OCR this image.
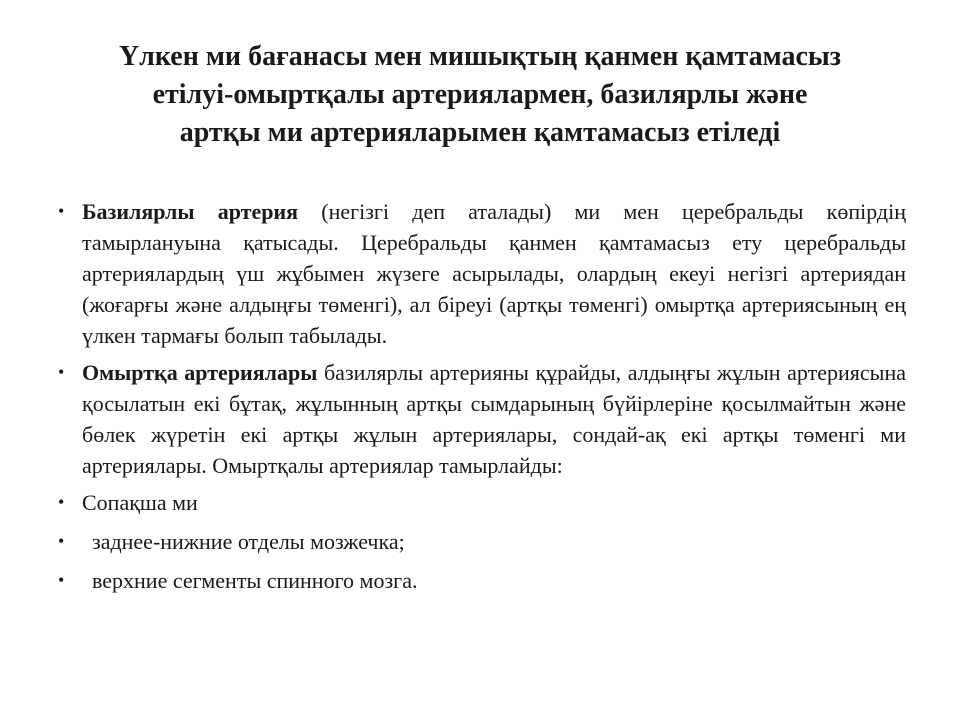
Үлкен ми бағанасы мен мишықтың қанмен қамтамасыз
етілуі-омыртқалы артериялармен, базилярлы және
артқы ми артерияларымен қамтамасыз етіледі
• Базилярлы артерия (негізгі деп аталады) ми мен церебральды көпірдің тамырлануына қатысады. Церебральды қанмен қамтамасыз ету церебральды артериялардың үш жұбымен жүзеге асырылады, олардың екеуі негізгі артериядан (жоғарғы және алдыңғы төменгі), ал біреуі (артқы төменгі) омыртқа артериясының ең үлкен тармағы болып табылады.
• Омыртқа артериялары базилярлы артерияны құрайды, алдыңғы жұлын артериясына қосылатын екі бұтақ, жұлынның артқы сымдарының бүйірлеріне қосылмайтын және бөлек жүретін екі артқы жұлын артериялары, сондай-ақ екі артқы төменгі ми артериялары. Омыртқалы артериялар тамырлайды:
• Сопақша ми
• заднее-нижние отделы мозжечка;
• верхние сегменты спинного мозга.
